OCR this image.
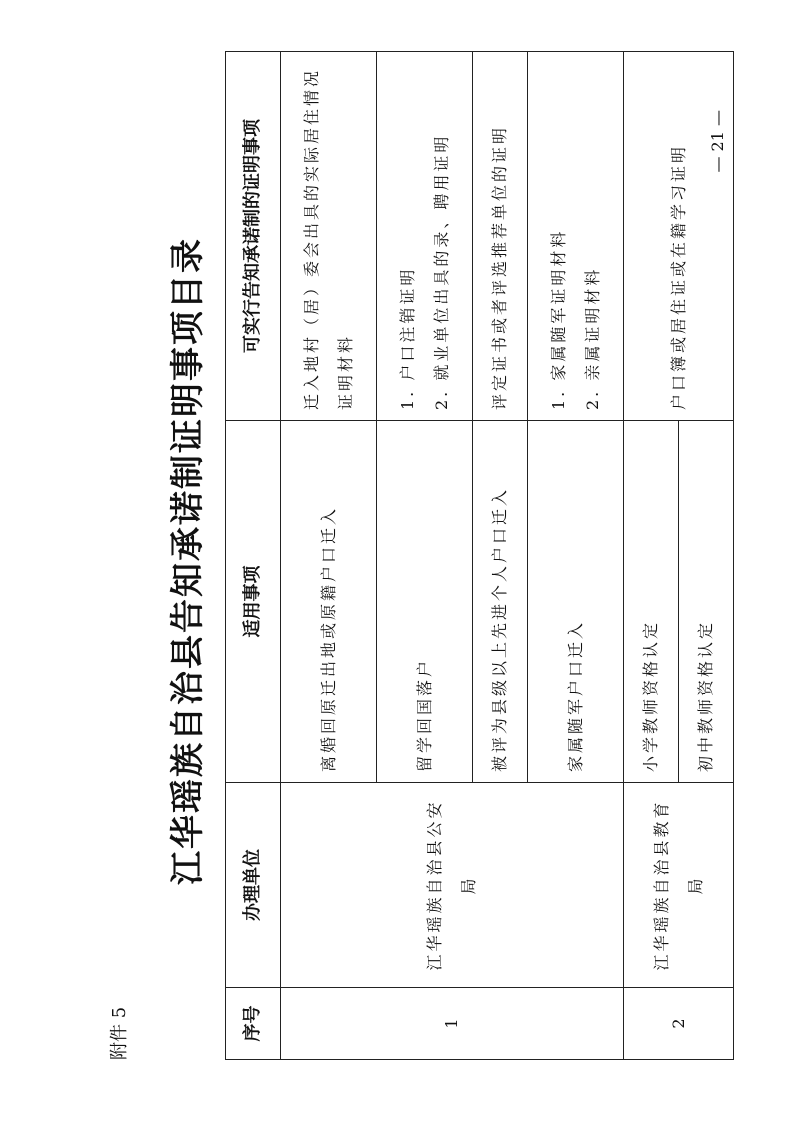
附件 5
江华瑶族自治县告知承诺制证明事项目录
序号	办理单位	适用事项	可实行告知承诺制的证明事项
1	江华瑶族自治县公安局	离婚回原迁出地或原籍户口迁入	迁入地村（居）委会出具的实际居住情况证明材料
		留学回国落户	1. 户口注销证明 2. 就业单位出具的录、聘用证明

		被评为县级以上先进个人户口迁入	评定证书或者评选推荐单位的证明
		家属随军户口迁入	1. 家属随军证明材料 2. 亲属证明材料

2	江华瑶族自治县教育局	小学教师资格认定	户口簿或居住证或在籍学习证明
		初中教师资格认定	
— 21 —
